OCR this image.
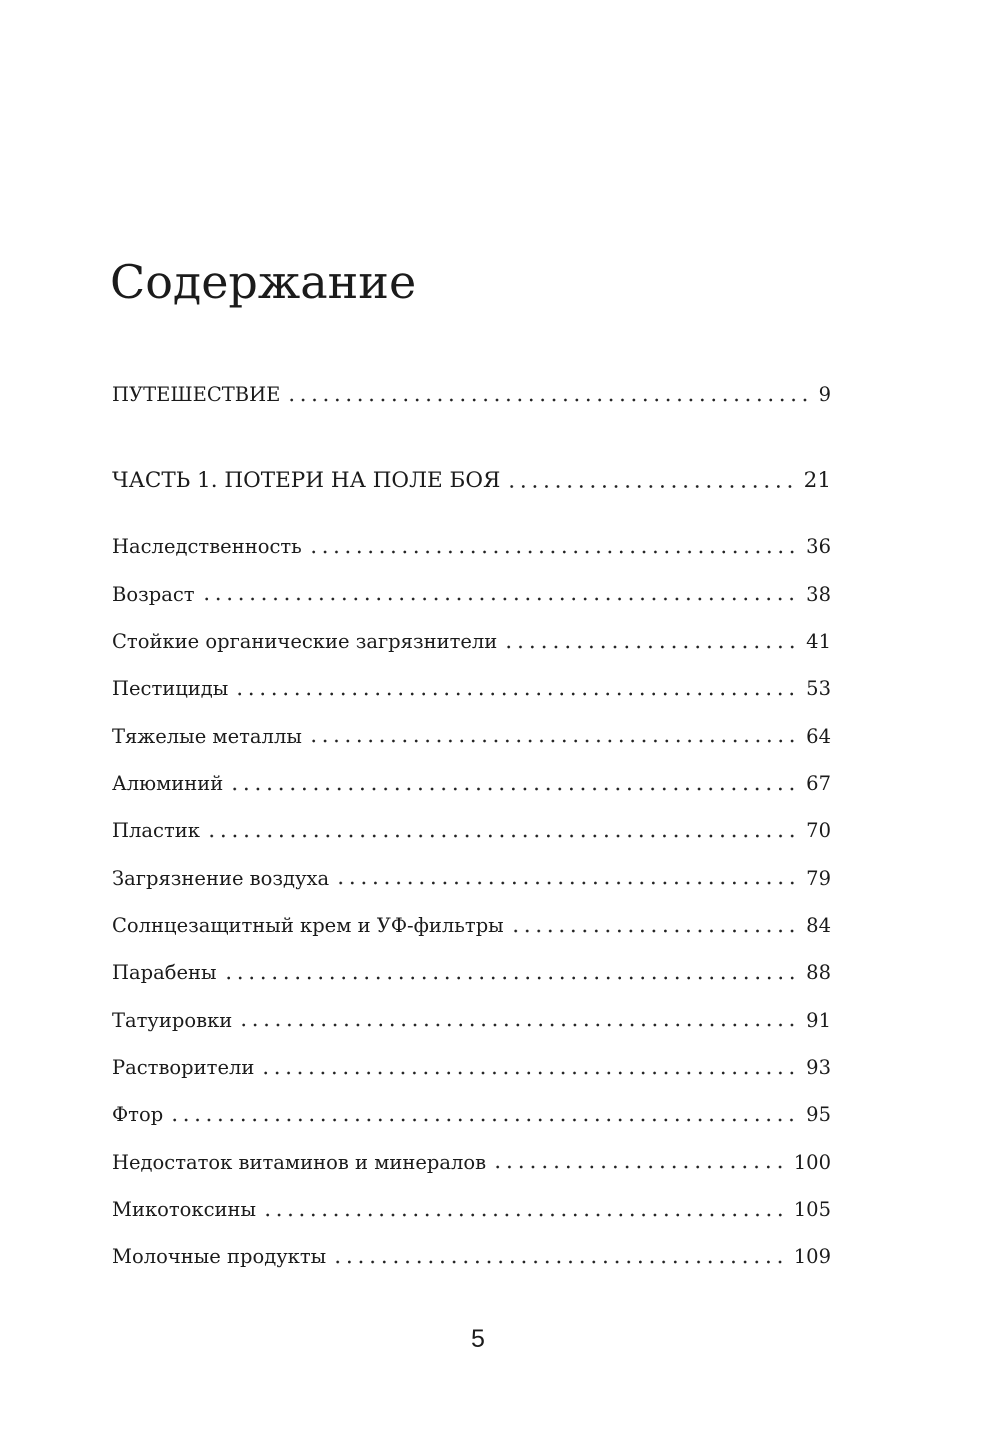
Содержание
ПУТЕШЕСТВИЕ	9
ЧАСТЬ 1. ПОТЕРИ НА ПОЛЕ БОЯ	21
Наследственность	36
Возраст	38
Стойкие органические загрязнители	41
Пестициды	53
Тяжелые металлы	64
Алюминий	67
Пластик	70
Загрязнение воздуха	79
Солнцезащитный крем и УФ-фильтры	84
Парабены	88
Татуировки	91
Растворители	93
Фтор	95
Недостаток витаминов и минералов	100
Микотоксины	105
Молочные продукты	109
5
